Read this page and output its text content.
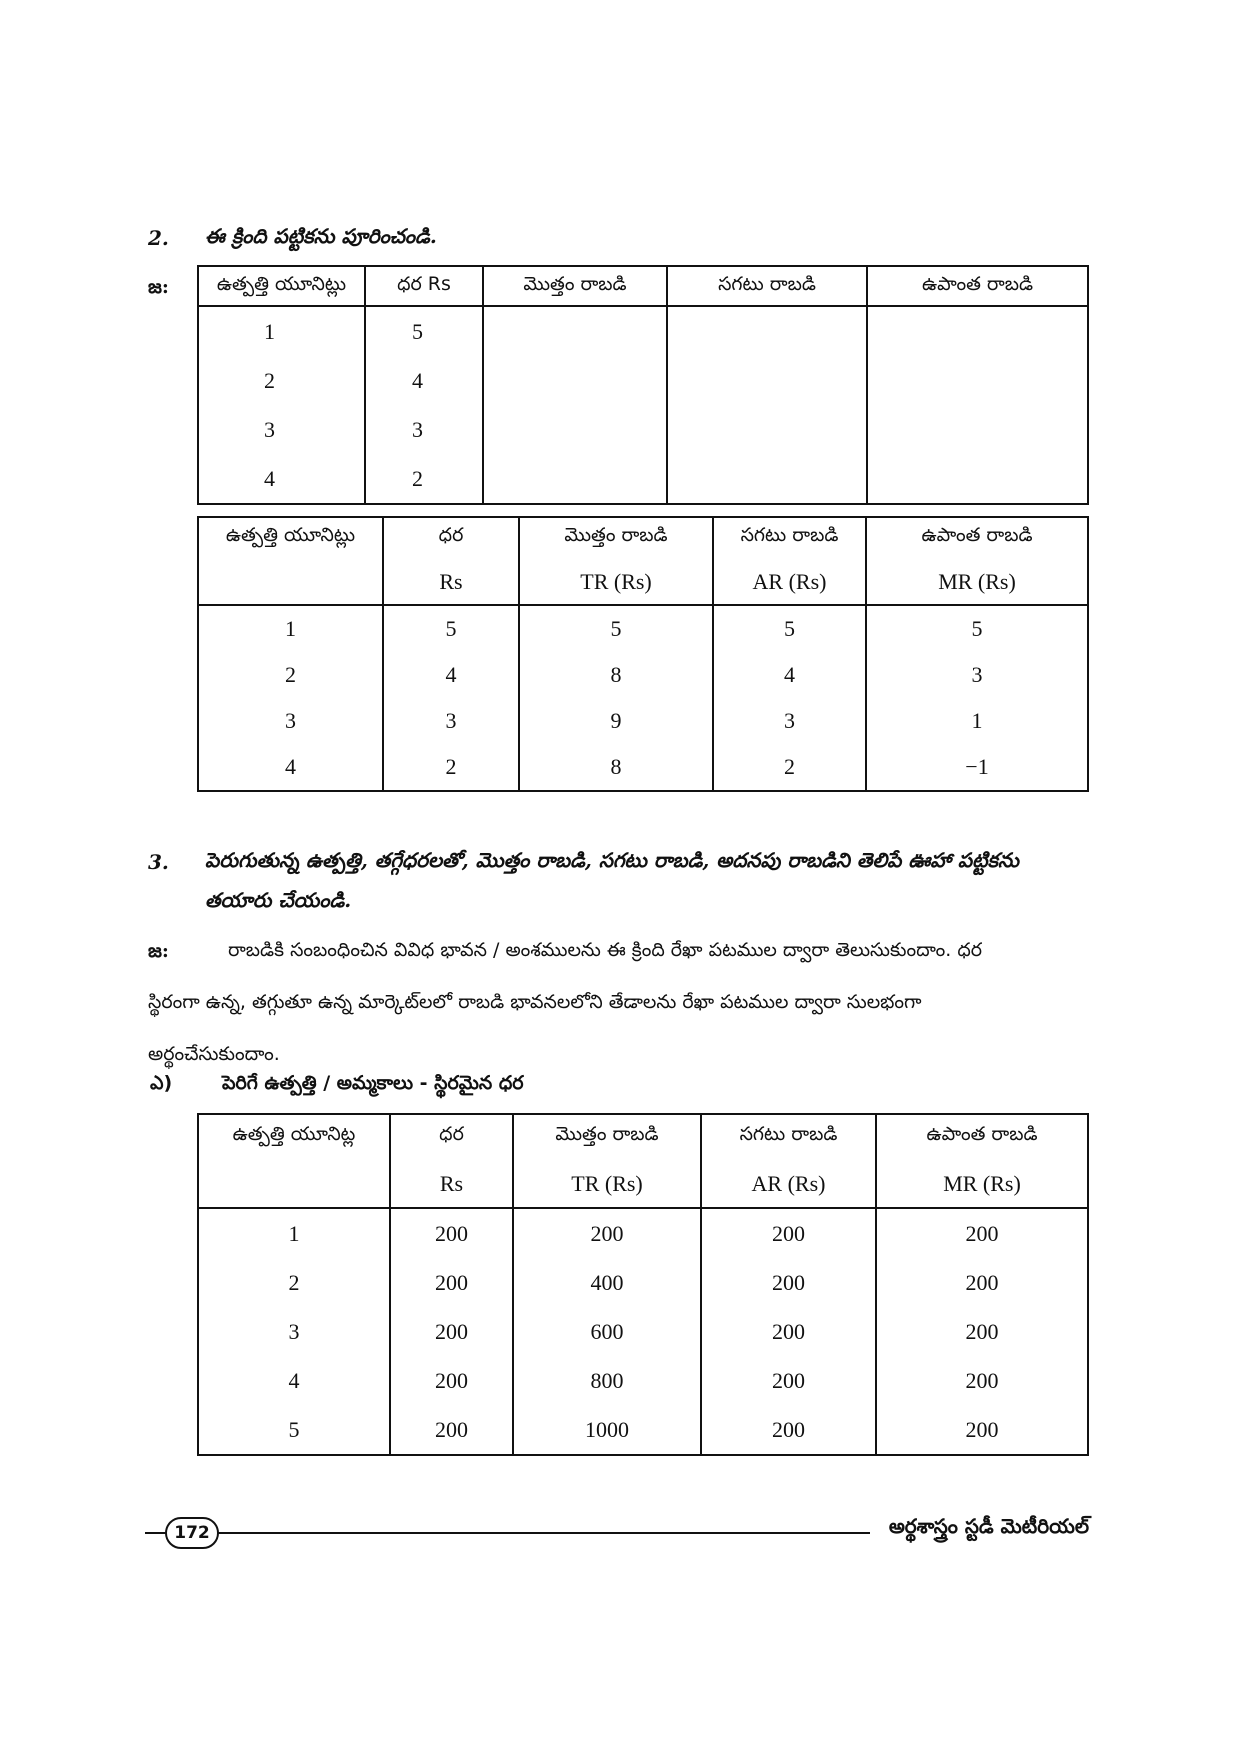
2. ఈ క్రింది పట్టికను పూరించండి.
జ:	ఉత్పత్తి యూనిట్లు	ధర Rs	మొత్తం రాబడి	సగటు రాబడి	ఉపాంత రాబడి
1	5			
2	4			
3	3			
4	2			
ఉత్పత్తి యూనిట్లు	ధర	మొత్తం రాబడి	సగటు రాబడి	ఉపాంత రాబడి
	Rs	TR (Rs)	AR (Rs)	MR (Rs)
1	5	5	5	5
2	4	8	4	3
3	3	9	3	1
4	2	8	2	−1
3. పెరుగుతున్న ఉత్పత్తి, తగ్గేధరలతో, మొత్తం రాబడి, సగటు రాబడి, అదనపు రాబడిని తెలిపే ఊహా పట్టికను
తయారు చేయండి.
జ:	రాబడికి సంబంధించిన వివిధ భావన / అంశములను ఈ క్రింది రేఖా పటముల ద్వారా తెలుసుకుందాం. ధర
స్థిరంగా ఉన్న, తగ్గుతూ ఉన్న మార్కెట్‌లలో రాబడి భావనలలోని తేడాలను రేఖా పటముల ద్వారా సులభంగా
అర్థంచేసుకుందాం.
ఎ)	పెరిగే ఉత్పత్తి / అమ్మకాలు - స్థిరమైన ధర
ఉత్పత్తి యూనిట్ల	ధర	మొత్తం రాబడి	సగటు రాబడి	ఉపాంత రాబడి
	Rs	TR (Rs)	AR (Rs)	MR (Rs)
1	200	200	200	200
2	200	400	200	200
3	200	600	200	200
4	200	800	200	200
5	200	1000	200	200
172	అర్థశాస్త్రం స్టడీ మెటీరియల్
